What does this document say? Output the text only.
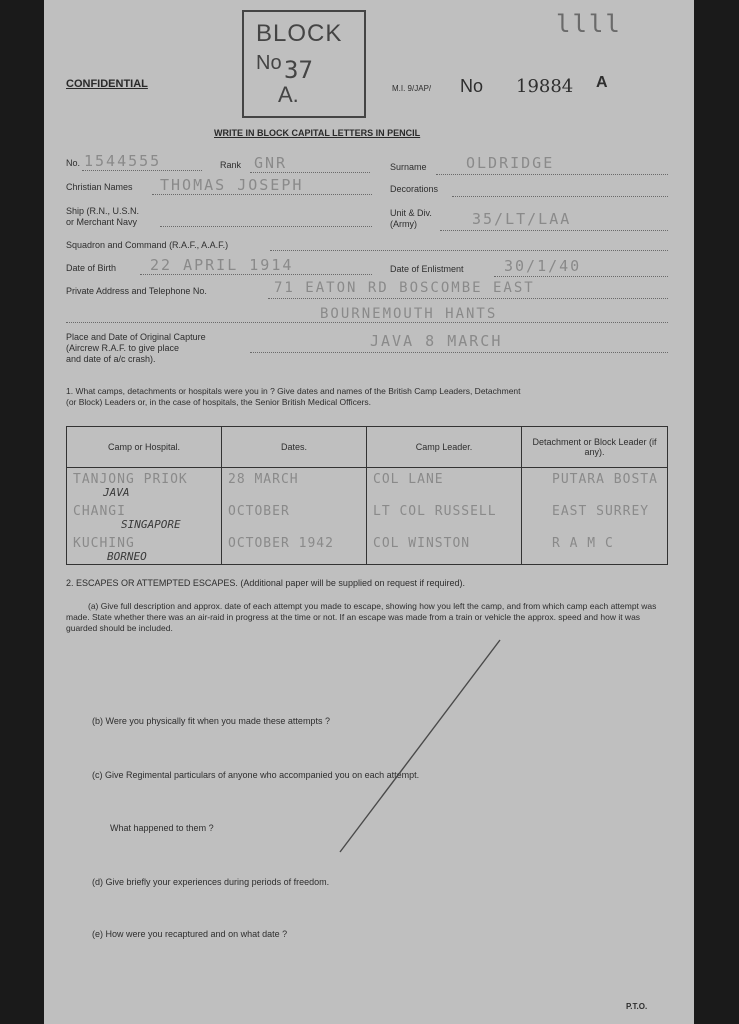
CONFIDENTIAL
BLOCK
No 37
A.	M.I. 9/JAP/ No 19884 A
llll
WRITE IN BLOCK CAPITAL LETTERS IN PENCIL
No. 1544555	Rank GNR	Surname	OLDRIDGE
Christian Names THOMAS JOSEPH	Decorations
Ship (R.N., U.S.N.
or Merchant Navy
Unit & Div.
(Army)	35/LT/LAA
Squadron and Command (R.A.F., A.A.F.)
Date of Birth 22 APRIL 1914	Date of Enlistment	30/1/40
Private Address and Telephone No.	71 EATON RD BOSCOMBE EAST
BOURNEMOUTH HANTS
Place and Date of Original Capture
(Aircrew R.A.F. to give place
and date of a/c crash).
JAVA 8 MARCH
1. What camps, detachments or hospitals were you in ? Give dates and names of the British Camp Leaders, Detachment
(or Block) Leaders or, in the case of hospitals, the Senior British Medical Officers.
Camp or Hospital.	Dates.	Camp Leader.	Detachment or Block Leader (if any).

TANJONG PRIOK
JAVA	28 MARCH	COL LANE	PUTARA BOSTA

CHANGI
SINGAPORE	OCTOBER	LT COL RUSSELL	EAST SURREY

KUCHING
BORNEO	OCTOBER 1942	COL WINSTON	R A M C
2. ESCAPES OR ATTEMPTED ESCAPES. (Additional paper will be supplied on request if required).
(a) Give full description and approx. date of each attempt you made to escape, showing how you left the camp, and from which camp each attempt was made. State whether there was an air-raid in progress at the time or not. If an escape was made from a train or vehicle the approx. speed and how it was guarded should be included.
(b) Were you physically fit when you made these attempts ?
(c) Give Regimental particulars of anyone who accompanied you on each attempt.
What happened to them ?
(d) Give briefly your experiences during periods of freedom.
(e) How were you recaptured and on what date ?
P.T.O.
